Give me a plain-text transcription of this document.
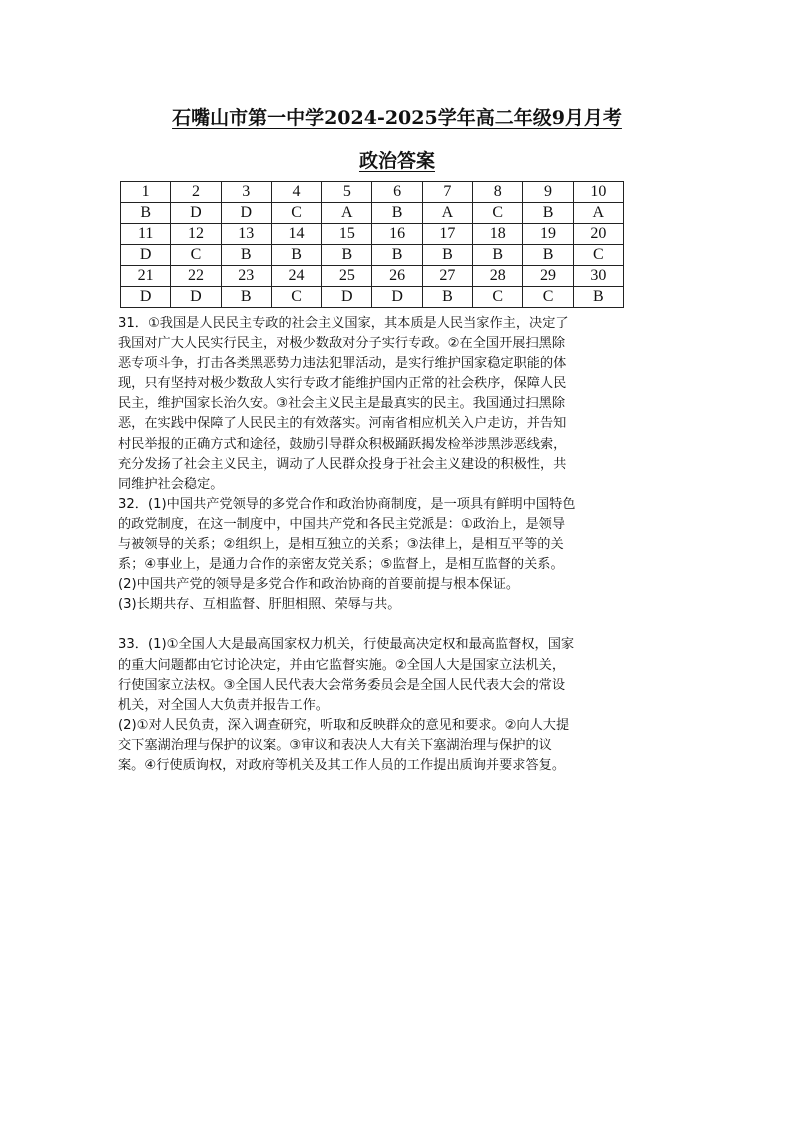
石嘴山市第一中学2024-2025学年高二年级9月月考
政治答案
1	2	3	4	5	6	7	8	9	10
B	D	D	C	A	B	A	C	B	A
11	12	13	14	15	16	17	18	19	20
D	C	B	B	B	B	B	B	B	C
21	22	23	24	25	26	27	28	29	30
D	D	B	C	D	D	B	C	C	B

31．①我国是人民民主专政的社会主义国家，其本质是人民当家作主，决定了

我国对广大人民实行民主，对极少数敌对分子实行专政。②在全国开展扫黑除

恶专项斗争，打击各类黑恶势力违法犯罪活动，是实行维护国家稳定职能的体

现，只有坚持对极少数敌人实行专政才能维护国内正常的社会秩序，保障人民

民主，维护国家长治久安。③社会主义民主是最真实的民主。我国通过扫黑除

恶，在实践中保障了人民民主的有效落实。河南省相应机关入户走访，并告知

村民举报的正确方式和途径，鼓励引导群众积极踊跃揭发检举涉黑涉恶线索，

充分发扬了社会主义民主，调动了人民群众投身于社会主义建设的积极性，共

同维护社会稳定。

32．(1)中国共产党领导的多党合作和政治协商制度，是一项具有鲜明中国特色

的政党制度，在这一制度中，中国共产党和各民主党派是：①政治上，是领导

与被领导的关系；②组织上，是相互独立的关系；③法律上，是相互平等的关

系；④事业上，是通力合作的亲密友党关系；⑤监督上，是相互监督的关系。

(2)中国共产党的领导是多党合作和政治协商的首要前提与根本保证。

(3)长期共存、互相监督、肝胆相照、荣辱与共。

33．(1)①全国人大是最高国家权力机关，行使最高决定权和最高监督权，国家

的重大问题都由它讨论决定，并由它监督实施。②全国人大是国家立法机关，

行使国家立法权。③全国人民代表大会常务委员会是全国人民代表大会的常设

机关，对全国人大负责并报告工作。

(2)①对人民负责，深入调查研究，听取和反映群众的意见和要求。②向人大提

交下塞湖治理与保护的议案。③审议和表决人大有关下塞湖治理与保护的议

案。④行使质询权，对政府等机关及其工作人员的工作提出质询并要求答复。
